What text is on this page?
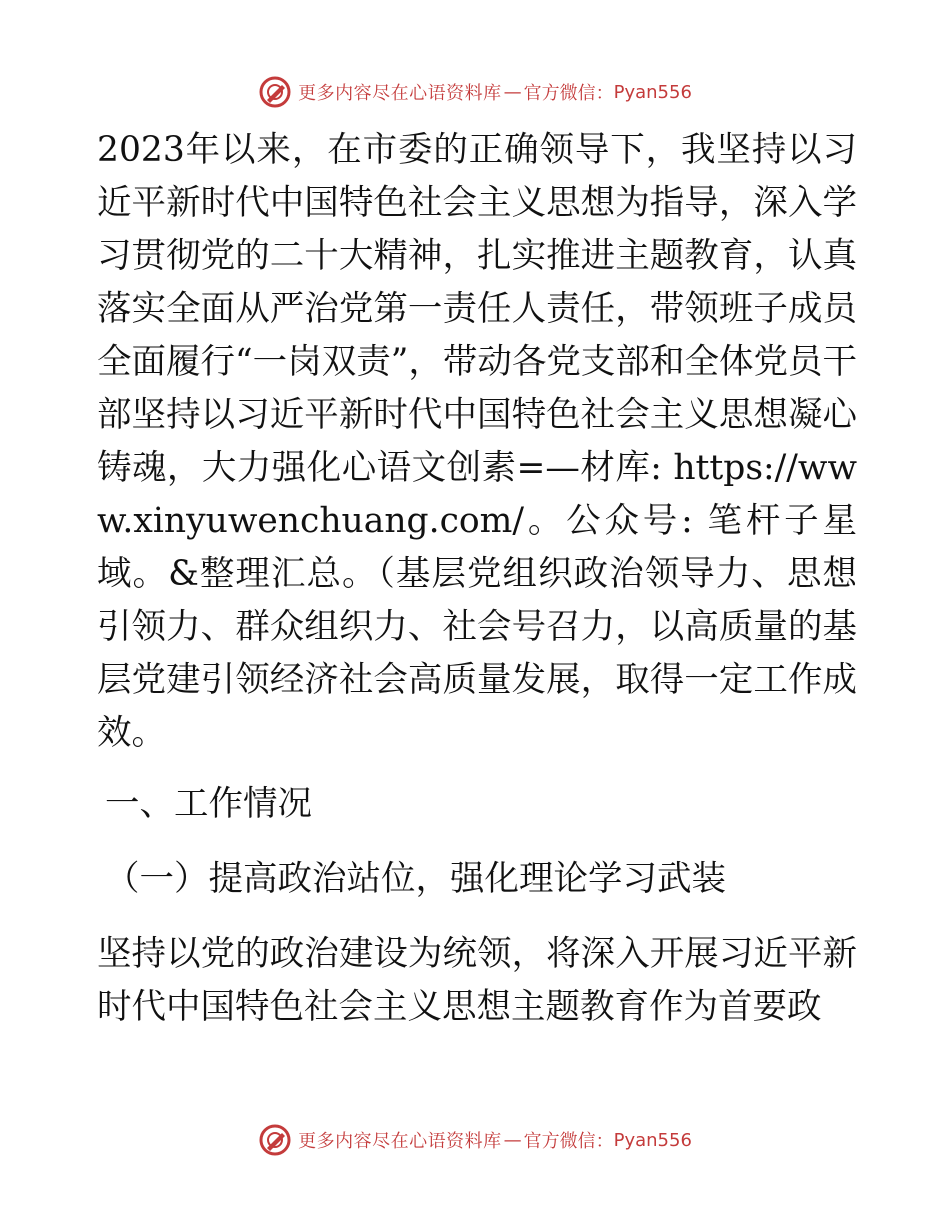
更多内容尽在心语资料库 — 官方微信： Pyan556

2023年以来，在市委的正确领导下，我坚持以习近平新时代中国特色社会主义思想为指导，深入学习贯彻党的二十大精神，扎实推进主题教育，认真落实全面从严治党第一责任人责任，带领班子成员全面履行“一岗双责”，带动各党支部和全体党员干部坚持以习近平新时代中国特色社会主义思想凝心铸魂，大力强化心语文创素=—材库: https://www.xinyuwenchuang.com/。公众号: 笔杆子星域。&整理汇总。（基层党组织政治领导力、思想引领力、群众组织力、社会号召力，以高质量的基层党建引领经济社会高质量发展，取得一定工作成效。

一、工作情况

（一）提高政治站位，强化理论学习武装

坚持以党的政治建设为统领，将深入开展习近平新时代中国特色社会主义思想主题教育作为首要政

更多内容尽在心语资料库 — 官方微信： Pyan556
